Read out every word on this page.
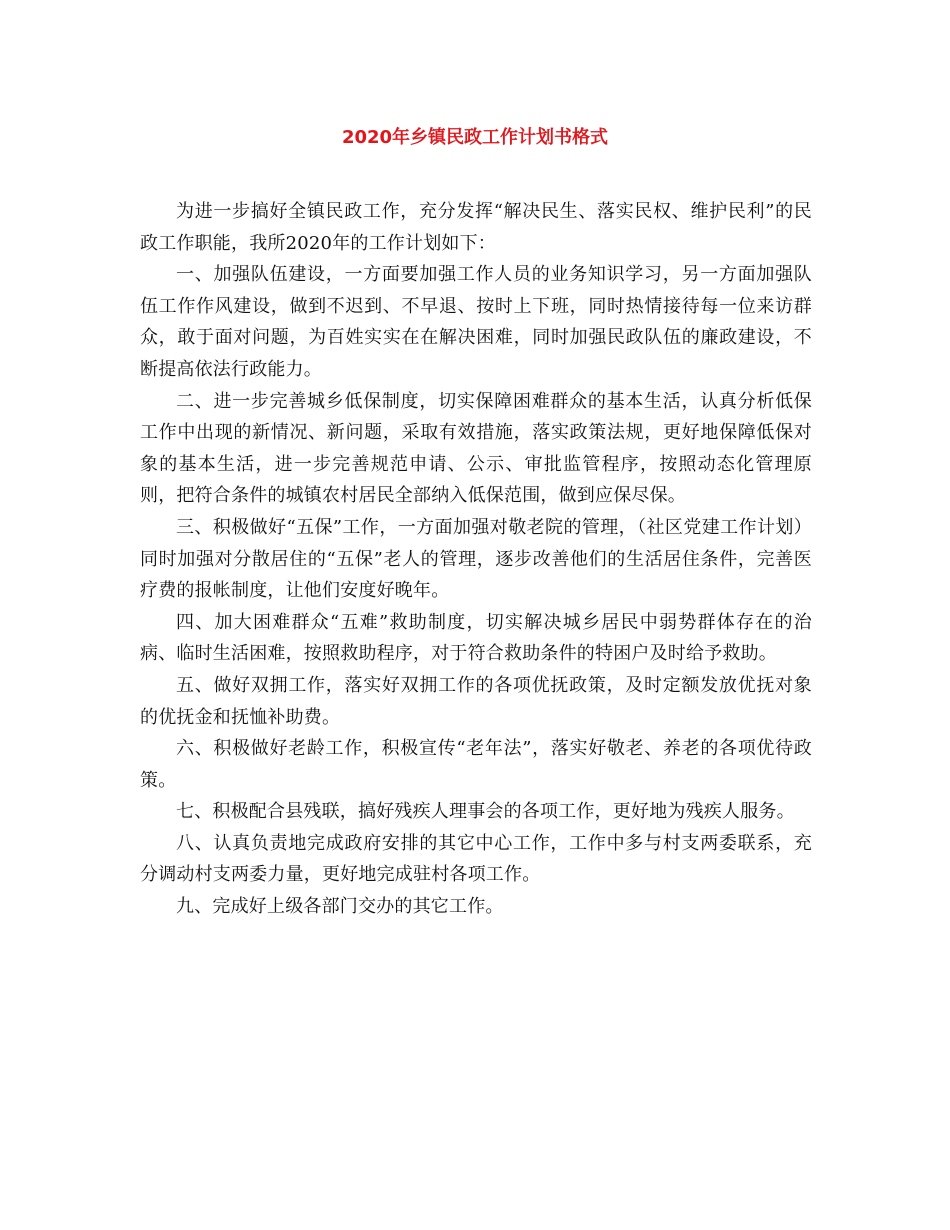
2020年乡镇民政工作计划书格式

为进一步搞好全镇民政工作，充分发挥“解决民生、落实民权、维护民利”的民政工作职能，我所2020年的工作计划如下：

一、加强队伍建设，一方面要加强工作人员的业务知识学习，另一方面加强队伍工作作风建设，做到不迟到、不早退、按时上下班，同时热情接待每一位来访群众，敢于面对问题，为百姓实实在在解决困难，同时加强民政队伍的廉政建设，不断提高依法行政能力。

二、进一步完善城乡低保制度，切实保障困难群众的基本生活，认真分析低保工作中出现的新情况、新问题，采取有效措施，落实政策法规，更好地保障低保对象的基本生活，进一步完善规范申请、公示、审批监管程序，按照动态化管理原则，把符合条件的城镇农村居民全部纳入低保范围，做到应保尽保。

三、积极做好“五保”工作，一方面加强对敬老院的管理，（社区党建工作计划）同时加强对分散居住的“五保”老人的管理，逐步改善他们的生活居住条件，完善医疗费的报帐制度，让他们安度好晚年。

四、加大困难群众“五难”救助制度，切实解决城乡居民中弱势群体存在的治病、临时生活困难，按照救助程序，对于符合救助条件的特困户及时给予救助。

五、做好双拥工作，落实好双拥工作的各项优抚政策，及时定额发放优抚对象的优抚金和抚恤补助费。

六、积极做好老龄工作，积极宣传“老年法”，落实好敬老、养老的各项优待政策。

七、积极配合县残联，搞好残疾人理事会的各项工作，更好地为残疾人服务。

八、认真负责地完成政府安排的其它中心工作，工作中多与村支两委联系，充分调动村支两委力量，更好地完成驻村各项工作。

九、完成好上级各部门交办的其它工作。
